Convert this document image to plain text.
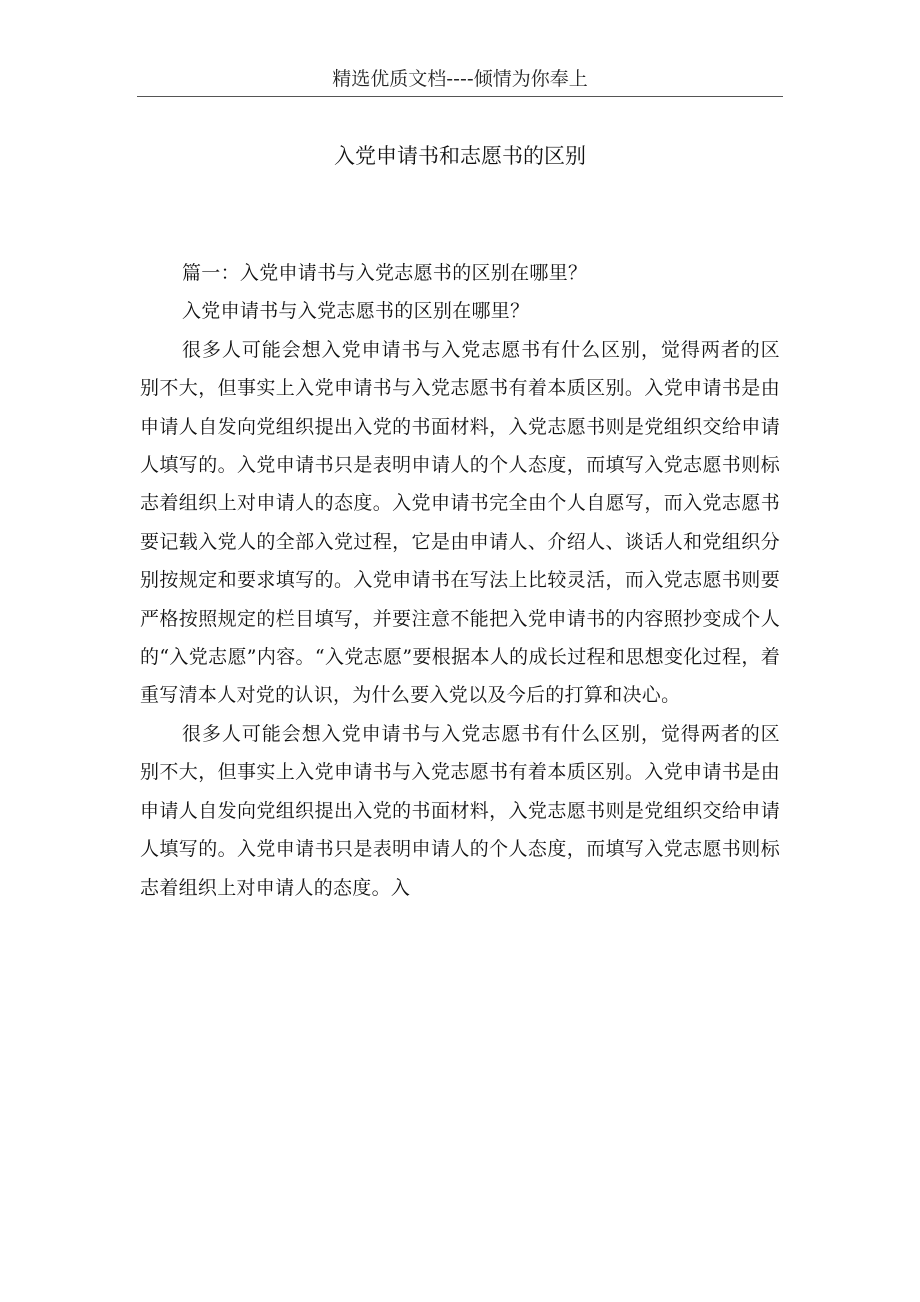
精选优质文档----倾情为你奉上
入党申请书和志愿书的区别

篇一：入党申请书与入党志愿书的区别在哪里？

入党申请书与入党志愿书的区别在哪里？

很多人可能会想入党申请书与入党志愿书有什么区别，觉得两者的区别不大，但事实上入党申请书与入党志愿书有着本质区别。入党申请书是由申请人自发向党组织提出入党的书面材料，入党志愿书则是党组织交给申请人填写的。入党申请书只是表明申请人的个人态度，而填写入党志愿书则标志着组织上对申请人的态度。入党申请书完全由个人自愿写，而入党志愿书要记载入党人的全部入党过程，它是由申请人、介绍人、谈话人和党组织分别按规定和要求填写的。入党申请书在写法上比较灵活，而入党志愿书则要严格按照规定的栏目填写，并要注意不能把入党申请书的内容照抄变成个人的“入党志愿”内容。“入党志愿”要根据本人的成长过程和思想变化过程，着重写清本人对党的认识，为什么要入党以及今后的打算和决心。

很多人可能会想入党申请书与入党志愿书有什么区别，觉得两者的区别不大，但事实上入党申请书与入党志愿书有着本质区别。入党申请书是由申请人自发向党组织提出入党的书面材料，入党志愿书则是党组织交给申请人填写的。入党申请书只是表明申请人的个人态度，而填写入党志愿书则标志着组织上对申请人的态度。入
